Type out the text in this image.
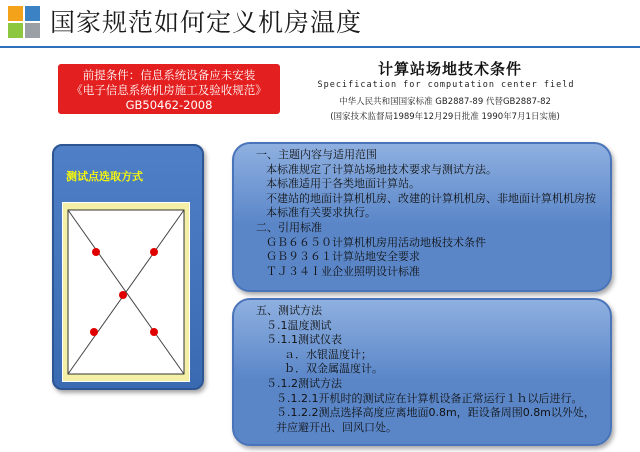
国家规范如何定义机房温度
前提条件：信息系统设备应未安装
《电子信息系统机房施工及验收规范》
GB50462-2008
计算站场地技术条件
Specification for computation center field
中华人民共和国国家标准 GB2887-89 代替GB2887-82
(国家技术监督局1989年12月29日批准 1990年7月1日实施)
测试点选取方式
一、主题内容与适用范围
本标准规定了计算站场地技术要求与测试方法。
本标准适用于各类地面计算站。
不建站的地面计算机机房、改建的计算机机房、非地面计算机机房按本标准有关要求执行。
二、引用标准
ＧＢ６６５０计算机机房用活动地板技术条件
ＧＢ９３６１计算站地安全要求
ＴＪ３４Ｉ业企业照明设计标准
五、测试方法
５.1温度测试
５.1.1测试仪表
ａ．水银温度计；
ｂ．双金属温度计。
５.1.2测试方法
５.1.2.1开机时的测试应在计算机设备正常运行１ｈ以后进行。
５.1.2.2测点选择高度应离地面0.8m，距设备周围0.8m以外处，并应避开出、回风口处。
